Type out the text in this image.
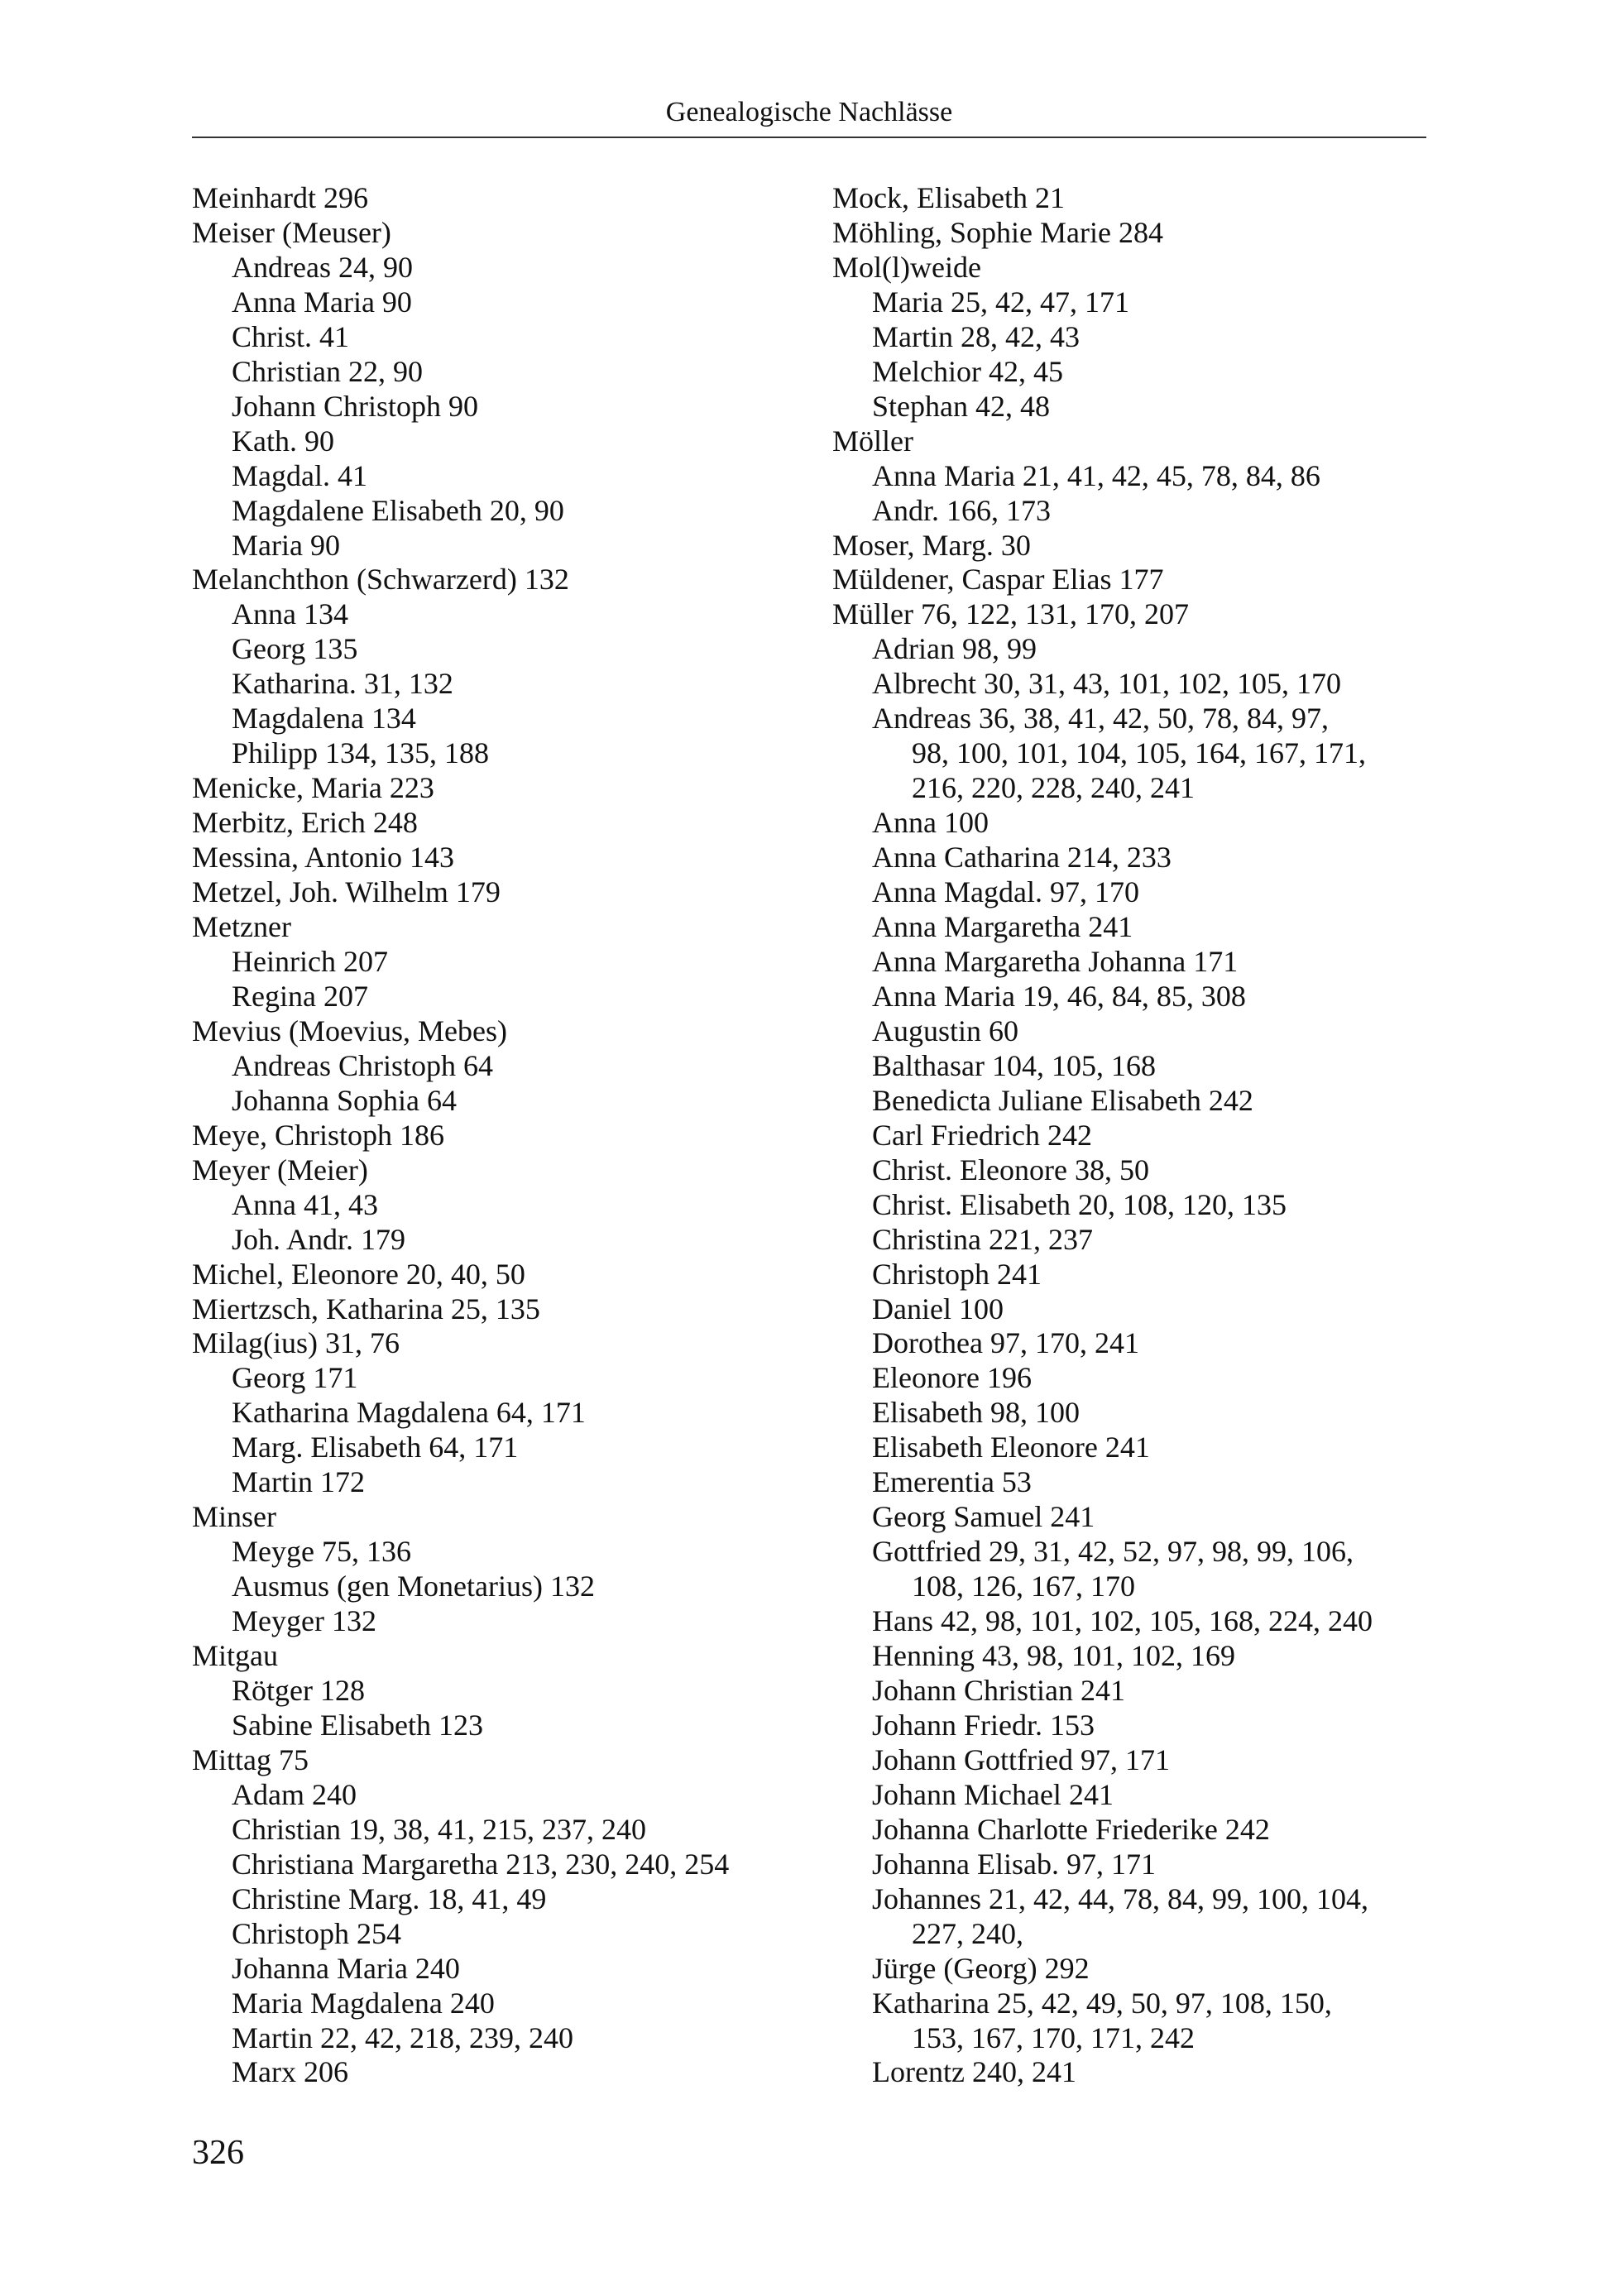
Genealogische Nachlässe

Meinhardt 296

Meiser (Meuser)

Andreas 24, 90

Anna Maria 90

Christ. 41

Christian 22, 90

Johann Christoph 90

Kath. 90

Magdal. 41

Magdalene Elisabeth 20, 90

Maria 90

Melanchthon (Schwarzerd) 132

Anna 134

Georg 135

Katharina. 31, 132

Magdalena 134

Philipp 134, 135, 188

Menicke, Maria 223

Merbitz, Erich 248

Messina, Antonio 143

Metzel, Joh. Wilhelm 179

Metzner

Heinrich 207

Regina 207

Mevius (Moevius, Mebes)

Andreas Christoph 64

Johanna Sophia 64

Meye, Christoph 186

Meyer (Meier)

Anna 41, 43

Joh. Andr. 179

Michel, Eleonore 20, 40, 50

Miertzsch, Katharina 25, 135

Milag(ius) 31, 76

Georg 171

Katharina Magdalena 64, 171

Marg. Elisabeth 64, 171

Martin 172

Minser

Meyge 75, 136

Ausmus (gen Monetarius) 132

Meyger 132

Mitgau

Rötger 128

Sabine Elisabeth 123

Mittag 75

Adam 240

Christian 19, 38, 41, 215, 237, 240

Christiana Margaretha 213, 230, 240, 254

Christine Marg. 18, 41, 49

Christoph 254

Johanna Maria 240

Maria Magdalena 240

Martin 22, 42, 218, 239, 240

Marx 206

Mock, Elisabeth 21

Möhling, Sophie Marie 284

Mol(l)weide

Maria 25, 42, 47, 171

Martin 28, 42, 43

Melchior 42, 45

Stephan 42, 48

Möller

Anna Maria 21, 41, 42, 45, 78, 84, 86

Andr. 166, 173

Moser, Marg. 30

Müldener, Caspar Elias 177

Müller 76, 122, 131, 170, 207

Adrian 98, 99

Albrecht 30, 31, 43, 101, 102, 105, 170

Andreas 36, 38, 41, 42, 50, 78, 84, 97,

98, 100, 101, 104, 105, 164, 167, 171,

216, 220, 228, 240, 241

Anna 100

Anna Catharina 214, 233

Anna Magdal. 97, 170

Anna Margaretha 241

Anna Margaretha Johanna 171

Anna Maria 19, 46, 84, 85, 308

Augustin 60

Balthasar 104, 105, 168

Benedicta Juliane Elisabeth 242

Carl Friedrich 242

Christ. Eleonore 38, 50

Christ. Elisabeth 20, 108, 120, 135

Christina 221, 237

Christoph 241

Daniel 100

Dorothea 97, 170, 241

Eleonore 196

Elisabeth 98, 100

Elisabeth Eleonore 241

Emerentia 53

Georg Samuel 241

Gottfried 29, 31, 42, 52, 97, 98, 99, 106,

108, 126, 167, 170

Hans 42, 98, 101, 102, 105, 168, 224, 240

Henning 43, 98, 101, 102, 169

Johann Christian 241

Johann Friedr. 153

Johann Gottfried 97, 171

Johann Michael 241

Johanna Charlotte Friederike 242

Johanna Elisab. 97, 171

Johannes 21, 42, 44, 78, 84, 99, 100, 104,

227, 240,

Jürge (Georg) 292

Katharina 25, 42, 49, 50, 97, 108, 150,

153, 167, 170, 171, 242

Lorentz 240, 241

326
